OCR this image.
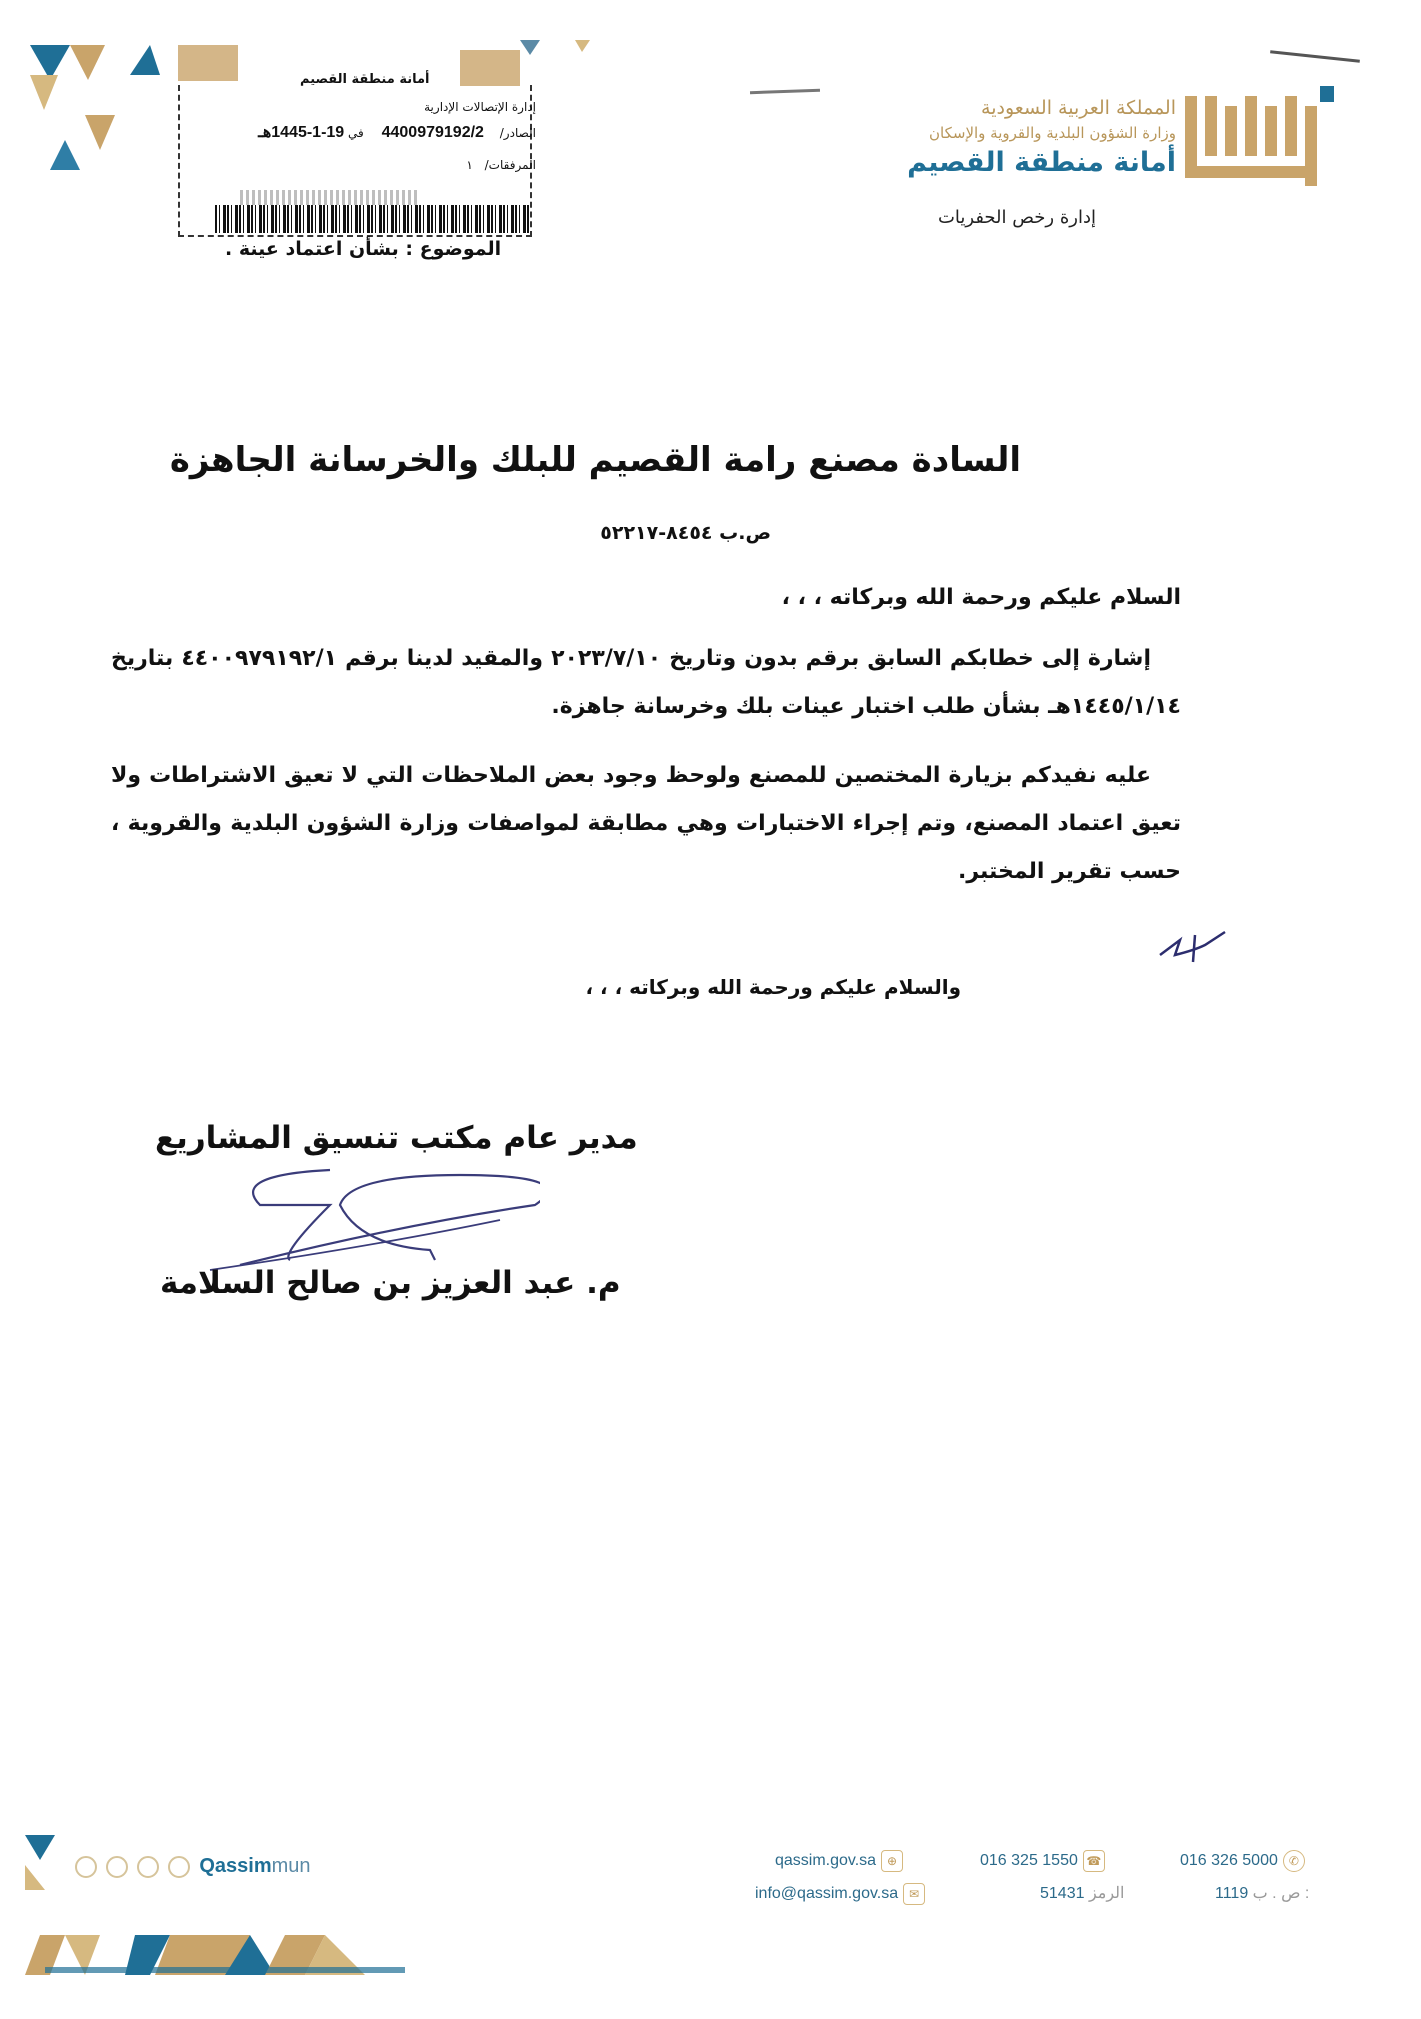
أمانة منطقة القصيم
إدارة الإتصالات الإدارية
الصادر/ 4400979192/2 في 19-1-1445هـ
المرفقات/ ١
الموضوع : بشأن اعتماد عينة .
المملكة العربية السعودية
وزارة الشؤون البلدية والقروية والإسكان
أمانة منطقة القصيم
إدارة رخص الحفريات
السادة مصنع رامة القصيم للبلك والخرسانة الجاهزة
ص.ب ٨٤٥٤-٥٢٢١٧
السلام عليكم ورحمة الله وبركاته ، ، ،
إشارة إلى خطابكم السابق برقم بدون وتاريخ ٢٠٢٣/٧/١٠ والمقيد لدينا برقم ٤٤٠٠٩٧٩١٩٢/١ بتاريخ ١٤٤٥/١/١٤هـ بشأن طلب اختبار عينات بلك وخرسانة جاهزة.
عليه نفيدكم بزيارة المختصين للمصنع ولوحظ وجود بعض الملاحظات التي لا تعيق الاشتراطات ولا تعيق اعتماد المصنع، وتم إجراء الاختبارات وهي مطابقة لمواصفات وزارة الشؤون البلدية والقروية ، حسب تقرير المختبر.
والسلام عليكم ورحمة الله وبركاته ، ، ،
مدير عام مكتب تنسيق المشاريع
م. عبد العزيز بن صالح السلامة
Qassimmun	qassim.gov.sa ⊕
info@qassim.gov.sa ✉
016 325 1550 ☎
51431 الرمز
016 326 5000 ✆
1119 ص . ب :
